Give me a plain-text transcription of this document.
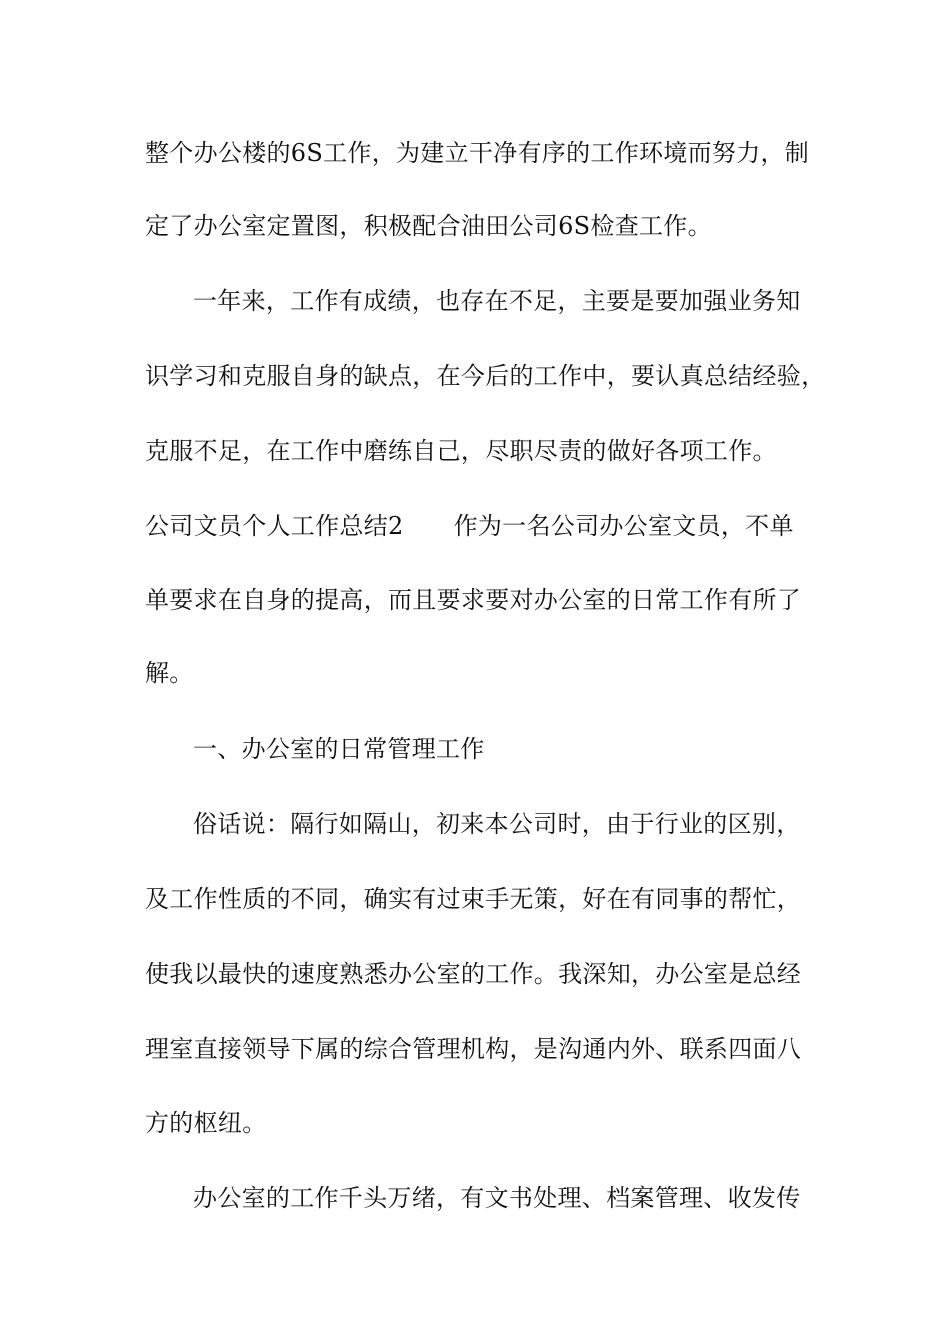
整个办公楼的6S工作，为建立干净有序的工作环境而努力，制
定了办公室定置图，积极配合油田公司6S检查工作。
一年来，工作有成绩，也存在不足，主要是要加强业务知
识学习和克服自身的缺点，在今后的工作中，要认真总结经验，
克服不足，在工作中磨练自己，尽职尽责的做好各项工作。
公司文员个人工作总结2 作为一名公司办公室文员，不单
单要求在自身的提高，而且要求要对办公室的日常工作有所了
解。
一、办公室的日常管理工作
俗话说：隔行如隔山，初来本公司时，由于行业的区别，
及工作性质的不同，确实有过束手无策，好在有同事的帮忙，
使我以最快的速度熟悉办公室的工作。我深知，办公室是总经
理室直接领导下属的综合管理机构，是沟通内外、联系四面八
方的枢纽。
办公室的工作千头万绪，有文书处理、档案管理、收发传
